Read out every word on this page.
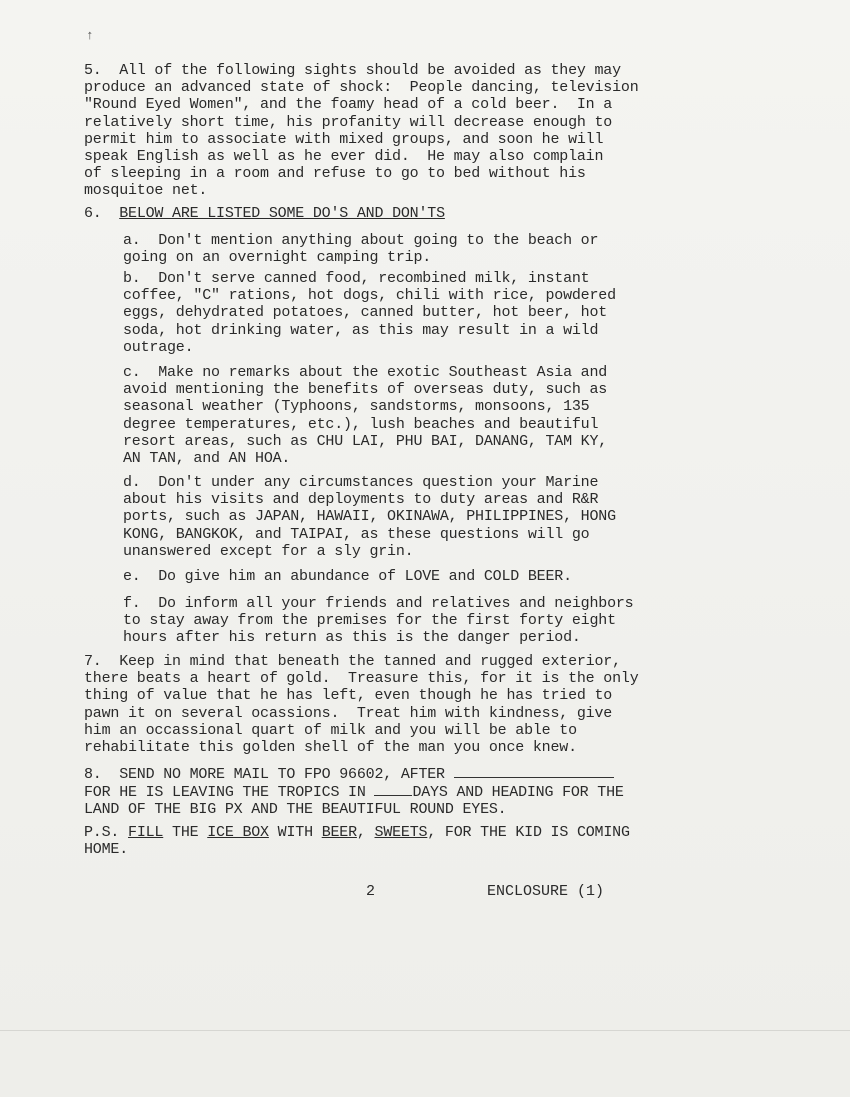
↑

5.  All of the following sights should be avoided as they may
produce an advanced state of shock:  People dancing, television
"Round Eyed Women", and the foamy head of a cold beer.  In a
relatively short time, his profanity will decrease enough to
permit him to associate with mixed groups, and soon he will
speak English as well as he ever did.  He may also complain
of sleeping in a room and refuse to go to bed without his
mosquitoe net.

6. BELOW ARE LISTED SOME DO'S AND DON'TS

a.  Don't mention anything about going to the beach or
going on an overnight camping trip.

b.  Don't serve canned food, recombined milk, instant
coffee, "C" rations, hot dogs, chili with rice, powdered
eggs, dehydrated potatoes, canned butter, hot beer, hot
soda, hot drinking water, as this may result in a wild
outrage.

c.  Make no remarks about the exotic Southeast Asia and
avoid mentioning the benefits of overseas duty, such as
seasonal weather (Typhoons, sandstorms, monsoons, 135
degree temperatures, etc.), lush beaches and beautiful
resort areas, such as CHU LAI, PHU BAI, DANANG, TAM KY,
AN TAN, and AN HOA.

d.  Don't under any circumstances question your Marine
about his visits and deployments to duty areas and R&R
ports, such as JAPAN, HAWAII, OKINAWA, PHILIPPINES, HONG
KONG, BANGKOK, and TAIPAI, as these questions will go
unanswered except for a sly grin.

e.  Do give him an abundance of LOVE and COLD BEER.

f.  Do inform all your friends and relatives and neighbors
to stay away from the premises for the first forty eight
hours after his return as this is the danger period.

7.  Keep in mind that beneath the tanned and rugged exterior,
there beats a heart of gold.  Treasure this, for it is the only
thing of value that he has left, even though he has tried to
pawn it on several ocassions.  Treat him with kindness, give
him an occassional quart of milk and you will be able to
rehabilitate this golden shell of the man you once knew.

8.  SEND NO MORE MAIL TO FPO 96602, AFTER
FOR HE IS LEAVING THE TROPICS IN	DAYS AND HEADING FOR THE
LAND OF THE BIG PX AND THE BEAUTIFUL ROUND EYES.

P.S. FILL THE ICE BOX WITH BEER, SWEETS, FOR THE KID IS COMING
HOME.

2	ENCLOSURE (1)
